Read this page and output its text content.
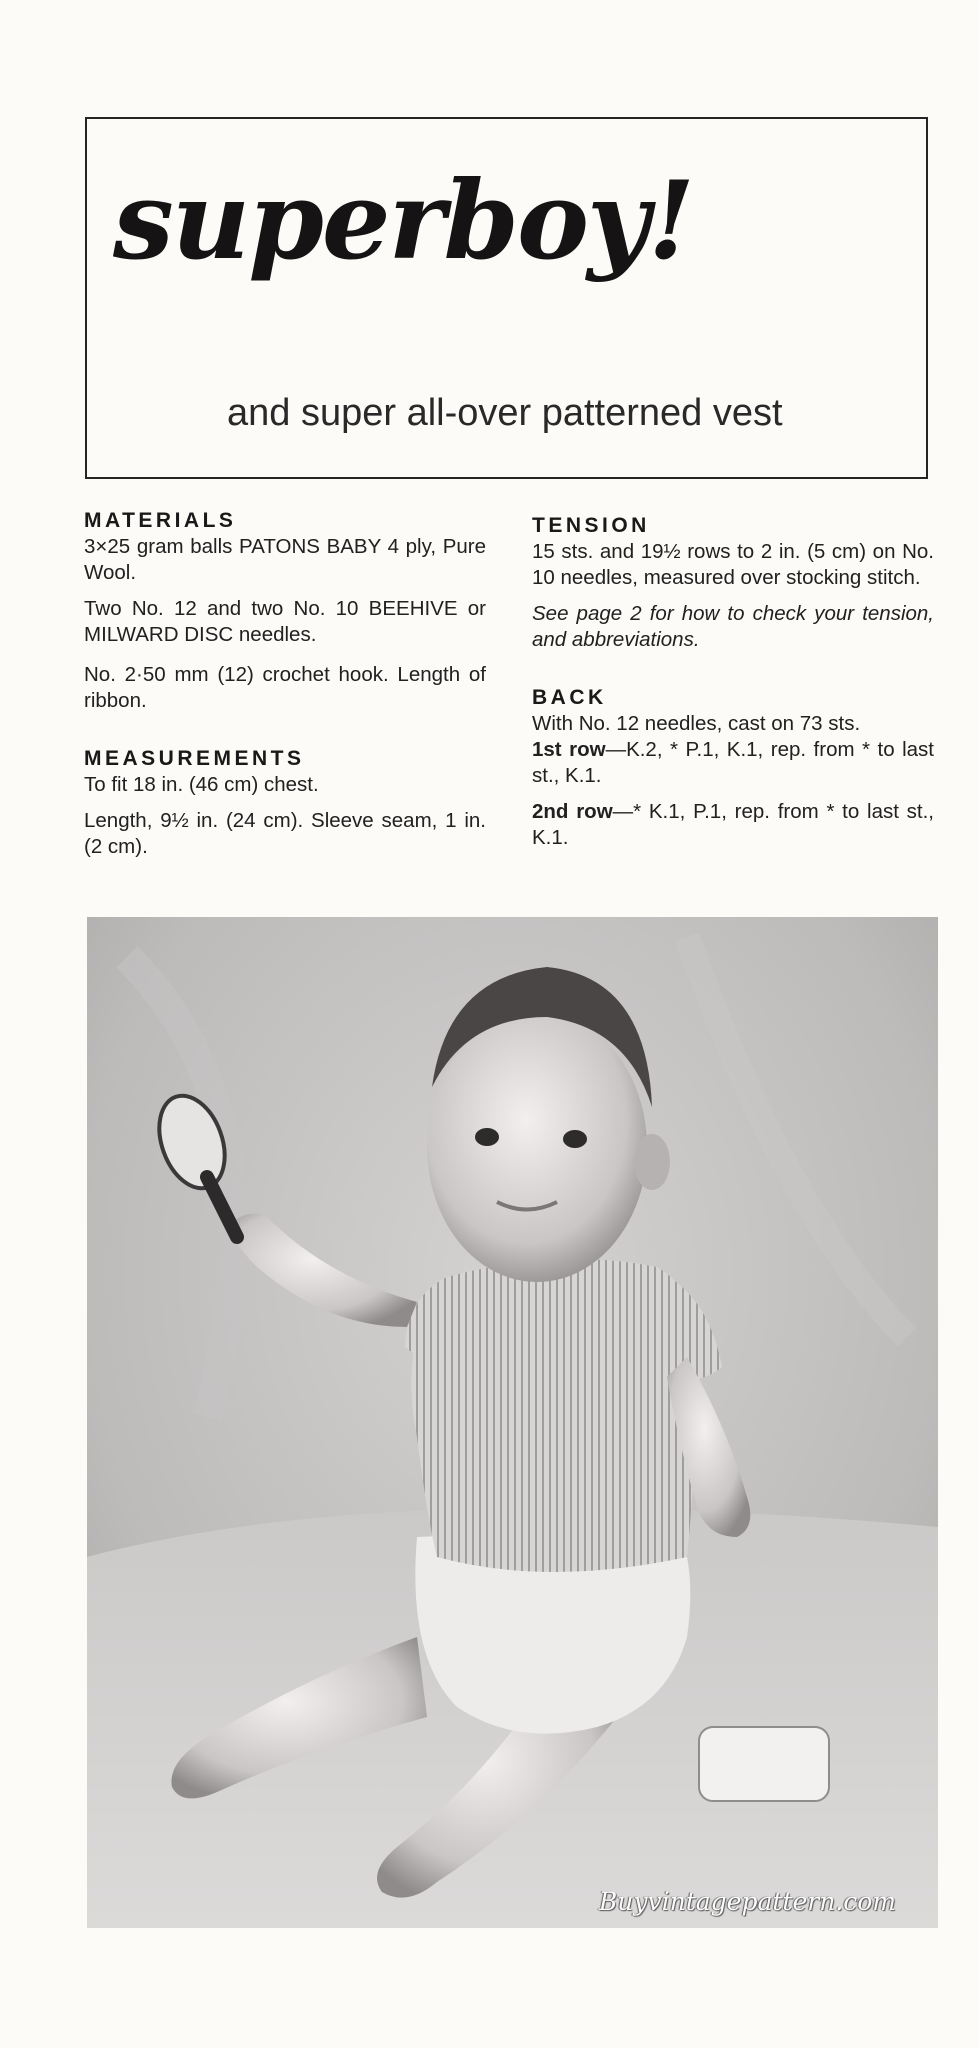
superboy!
and super all-over patterned vest
MATERIALS

3×25 gram balls PATONS BABY 4 ply, Pure Wool.

Two No. 12 and two No. 10 BEEHIVE or MILWARD DISC needles.

No. 2·50 mm (12) crochet hook. Length of ribbon.

MEASUREMENTS

To fit 18 in. (46 cm) chest.

Length, 9½ in. (24 cm). Sleeve seam, 1 in. (2 cm).

TENSION

15 sts. and 19½ rows to 2 in. (5 cm) on No. 10 needles, measured over stocking stitch.

See page 2 for how to check your tension, and abbreviations.

BACK

With No. 12 needles, cast on 73 sts.

1st row—K.2, * P.1, K.1, rep. from * to last st., K.1.

2nd row—* K.1, P.1, rep. from * to last st., K.1.

Buyvintagepattern.com
